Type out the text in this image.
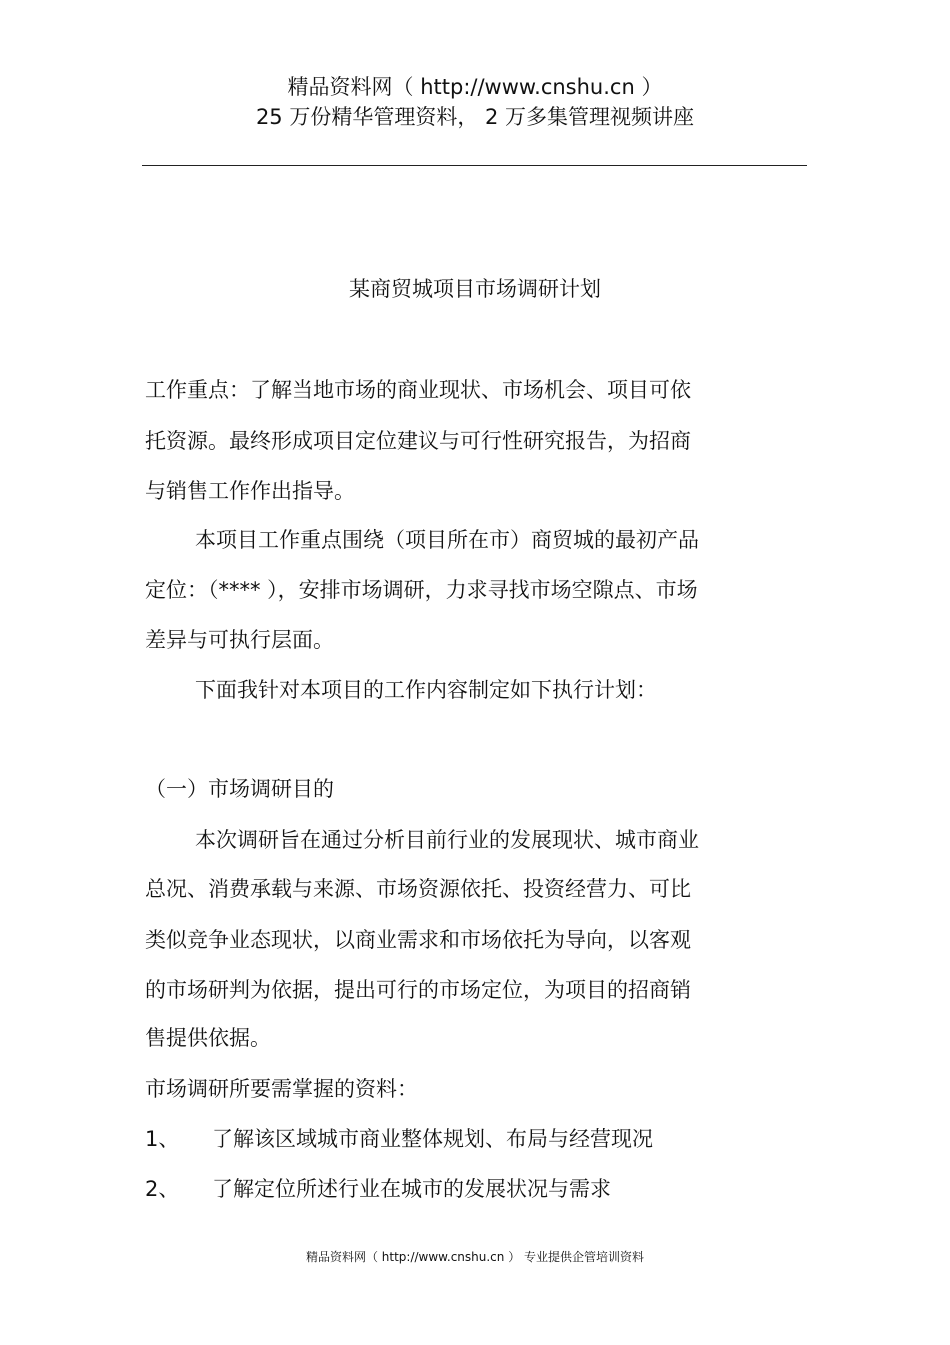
精品资料网（ http://www.cnshu.cn ）
25 万份精华管理资料， 2 万多集管理视频讲座
某商贸城项目市场调研计划
工作重点：了解当地市场的商业现状、市场机会、项目可依
托资源。最终形成项目定位建议与可行性研究报告，为招商
与销售工作作出指导。
本项目工作重点围绕（项目所在市）商贸城的最初产品
定位：（**** ），安排市场调研，力求寻找市场空隙点、市场
差异与可执行层面。
下面我针对本项目的工作内容制定如下执行计划：
（一）市场调研目的
本次调研旨在通过分析目前行业的发展现状、城市商业
总况、消费承载与来源、市场资源依托、投资经营力、可比
类似竞争业态现状，以商业需求和市场依托为导向，以客观
的市场研判为依据，提出可行的市场定位，为项目的招商销
售提供依据。
市场调研所要需掌握的资料：
1、 了解该区域城市商业整体规划、布局与经营现况
2、 了解定位所述行业在城市的发展状况与需求
精品资料网（ http://www.cnshu.cn ） 专业提供企管培训资料
